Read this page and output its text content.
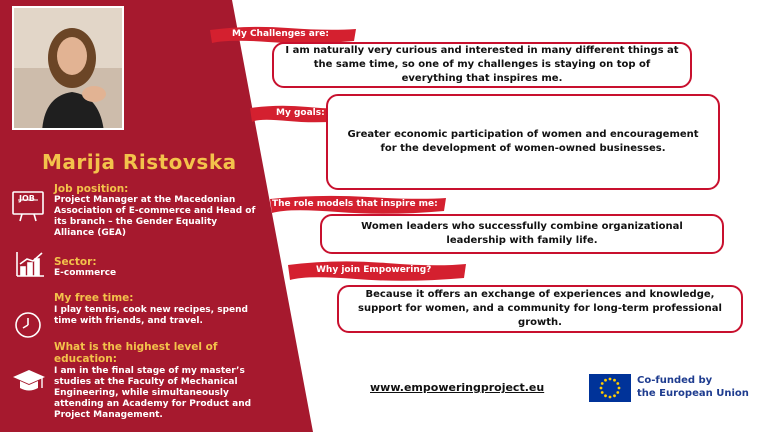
Marija Ristovska
JOB
Job position:
Project Manager at the Macedonian Association of E-commerce and Head of its branch – the Gender Equality Alliance (GEA)
Sector:
E-commerce
My free time:
I play tennis, cook new recipes, spend time with friends, and travel.
What is the highest level of education:
I am in the final stage of my master’s studies at the Faculty of Mechanical Engineering, while simultaneously attending an Academy for Product and Project Management.
My Challenges are:
I am naturally very curious and interested in many different things at the same time, so one of my challenges is staying on top of everything that inspires me.
My goals:
Greater economic participation of women and encouragement for the development of women-owned businesses.
The role models that inspire me:
Women leaders who successfully combine organizational leadership with family life.
Why join Empowering?
Because it offers an exchange of experiences and knowledge, support for women, and a community for long-term professional growth.
www.empoweringproject.eu
Co-funded by
the European Union
